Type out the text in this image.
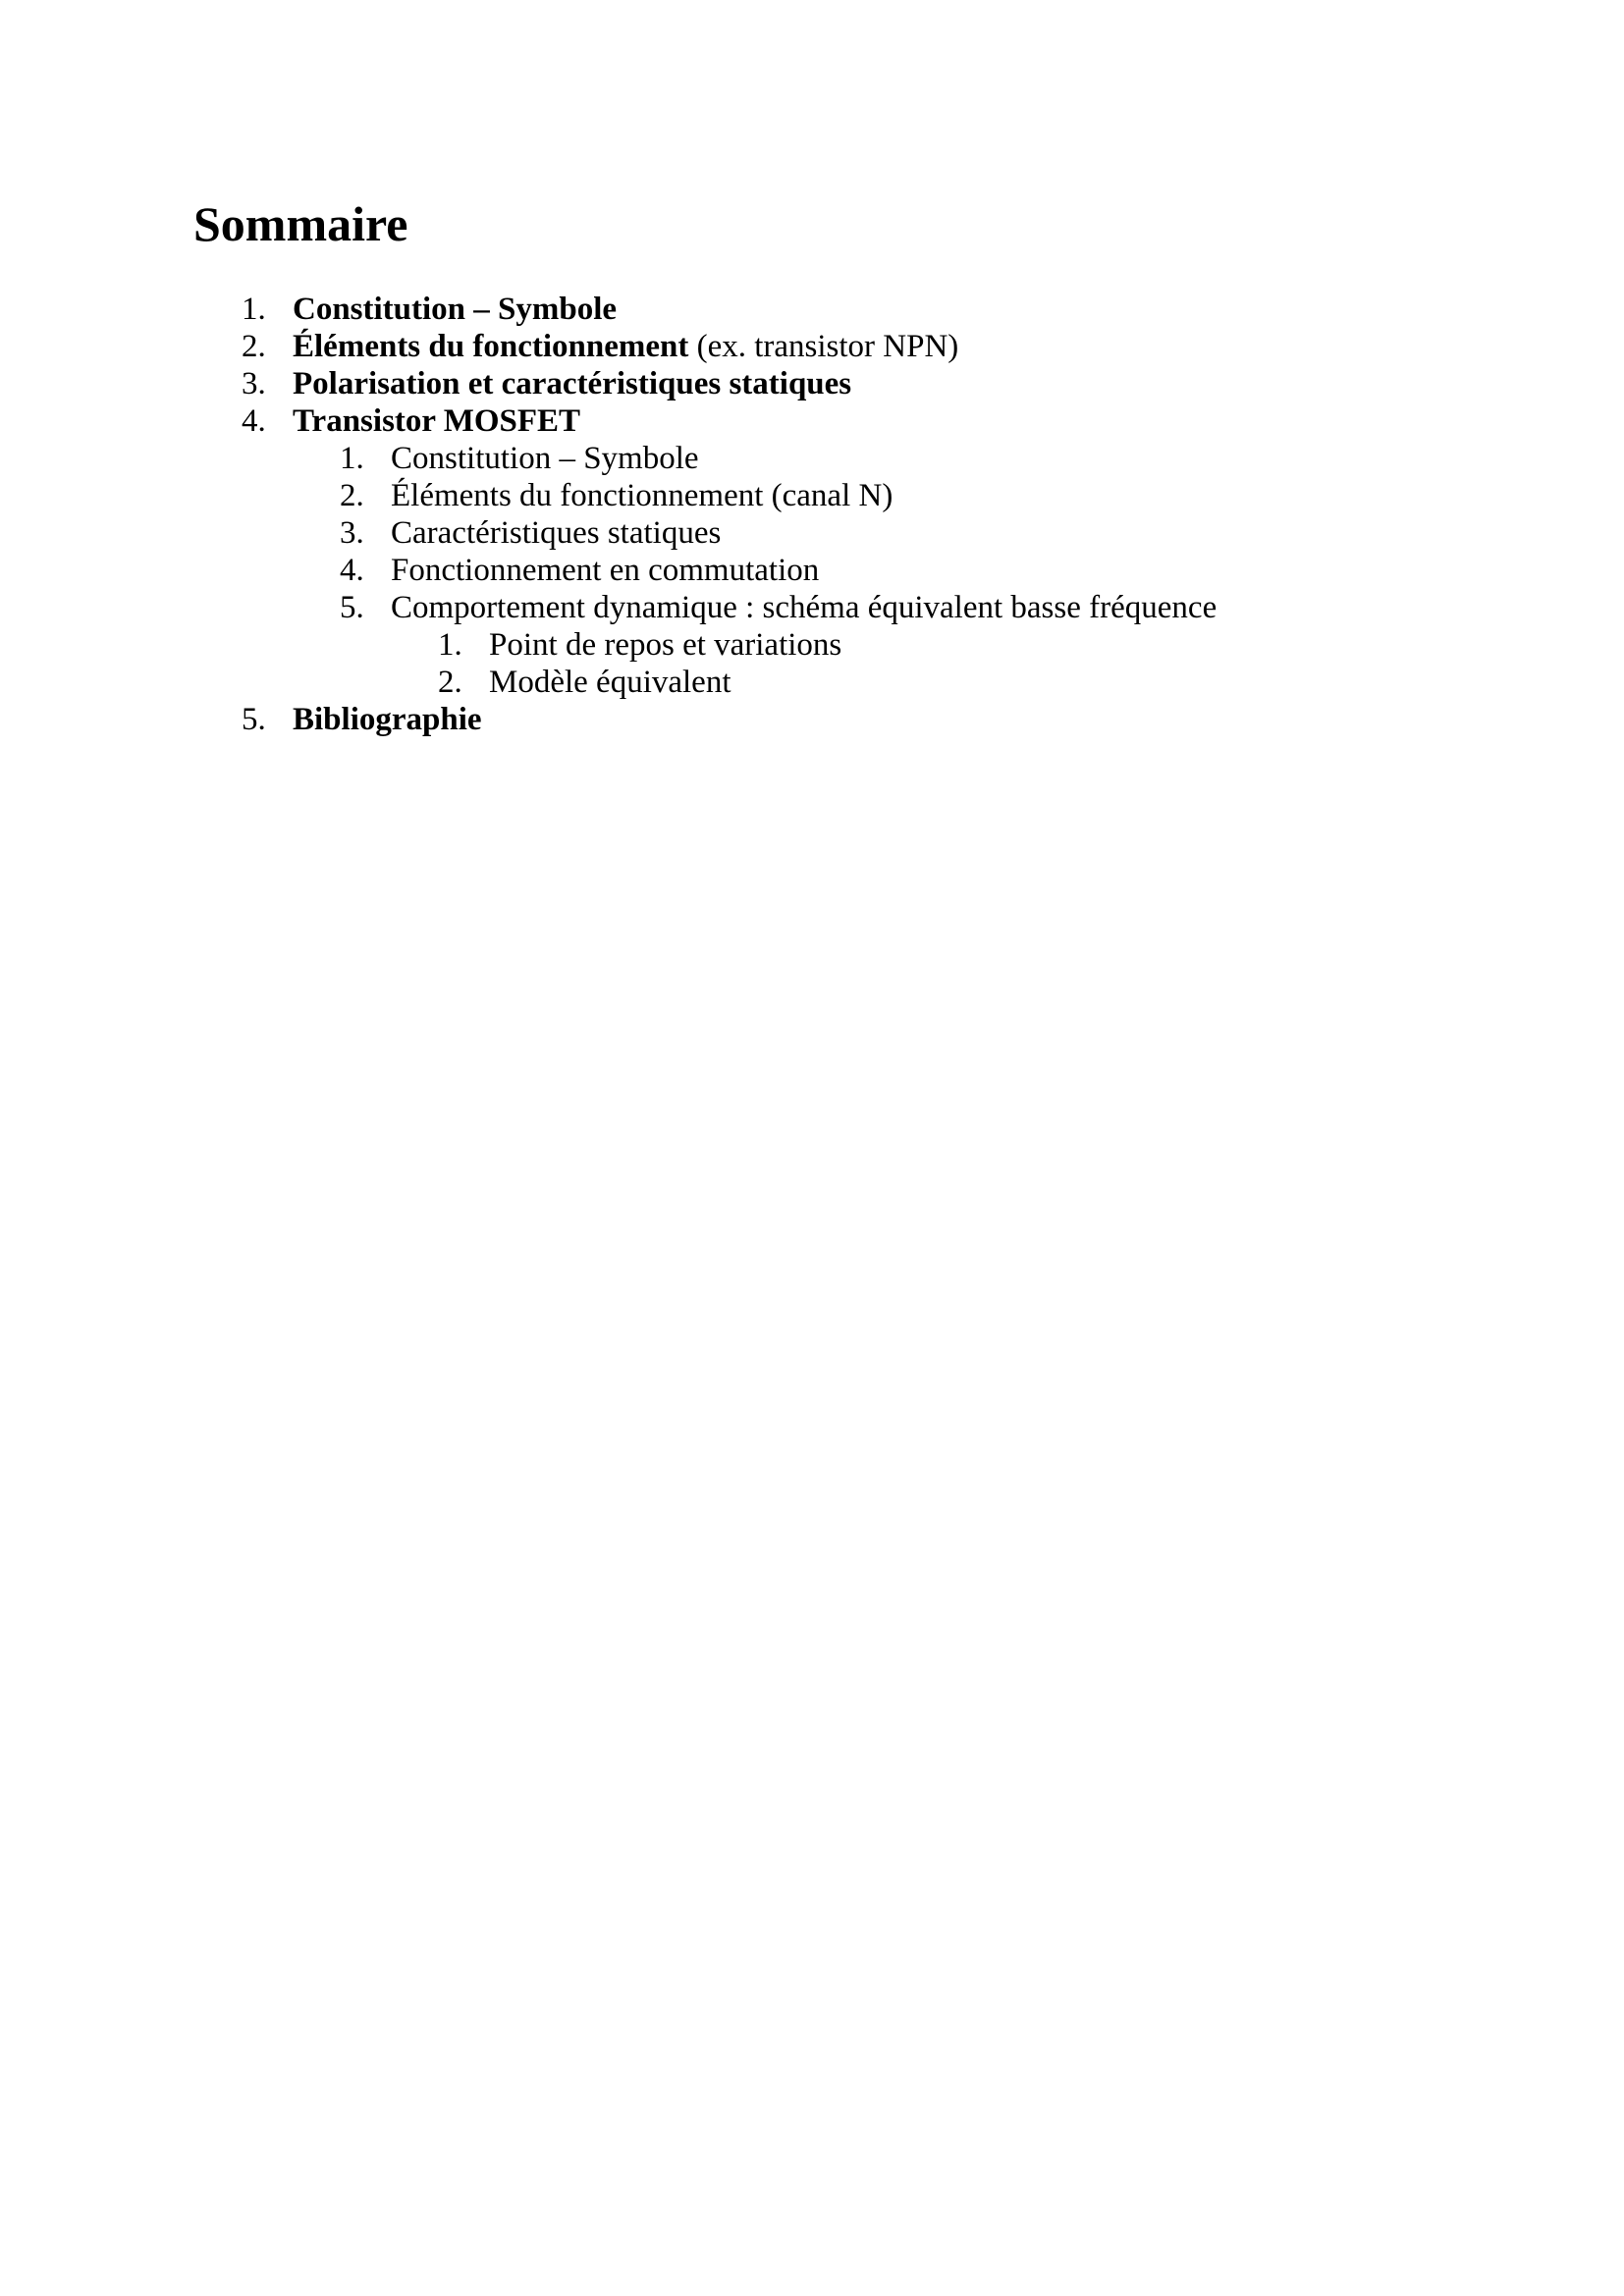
Sommaire
1. Constitution – Symbole
2. Éléments du fonctionnement (ex. transistor NPN)
3. Polarisation et caractéristiques statiques
4. Transistor MOSFET
1. Constitution – Symbole
2. Éléments du fonctionnement (canal N)
3. Caractéristiques statiques
4. Fonctionnement en commutation
5. Comportement dynamique : schéma équivalent basse fréquence
1. Point de repos et variations
2. Modèle équivalent
5. Bibliographie
